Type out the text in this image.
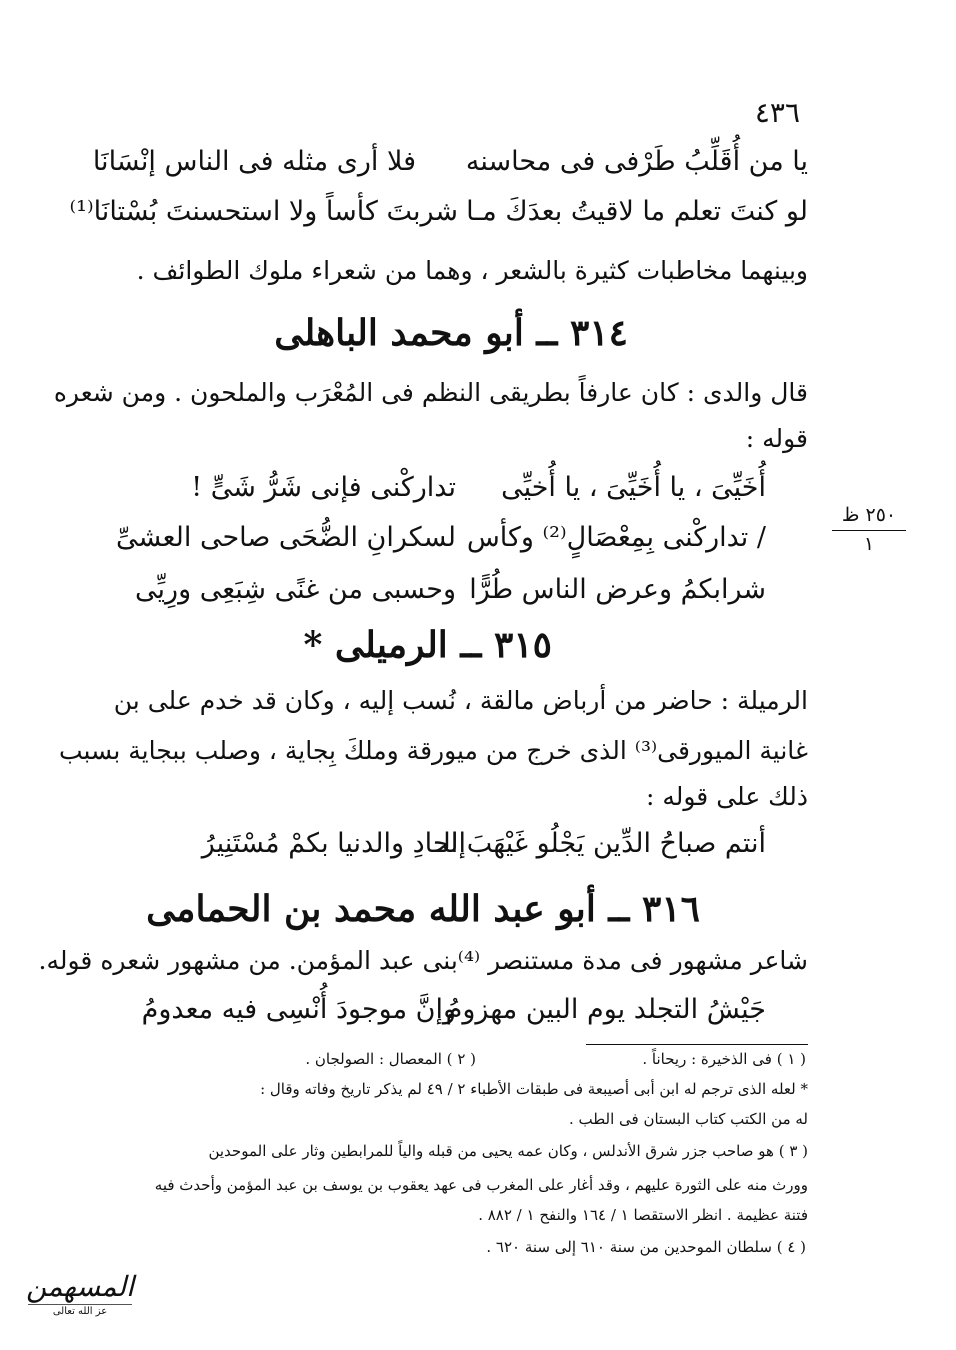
٤٣٦
يا من أُقَلِّبُ طَرْفى فى محاسنه
فلا أرى مثله فى الناس إنْسَانَا
لو كنتَ تعلم ما لاقيتُ بعدَكَ مـا
شربتَ كأساً ولا استحسنتَ بُسْتانَا⁽¹⁾
وبينهما مخاطبات كثيرة بالشعر ، وهما من شعراء ملوك الطوائف .
٣١٤ ــ أبو محمد الباهلى
قال والدى : كان عارفاً بطريقى النظم فى المُعْرَب والملحون . ومن شعره
قوله :
أُخَيِّىَ ، يا أُخَيِّىَ ، يا أُخيِّى
تداركْنى فإنى شَرُّ شَىٍّ !
/ تداركْنى بِمِعْصَالٍ⁽²⁾ وكأس
لسكرانِ الضُّحَى صاحى العشىِّ
شرابكمُ وعرض الناس طُرًّا
وحسبى من غنًى شِبَعِى ورِيِّى
٢٥٠ ظ
١
٣١٥ ــ الرميلى *
الرميلة : حاضر من أرباض مالقة ، نُسب إليه ، وكان قد خدم على بن
غانية الميورقى⁽³⁾ الذى خرج من ميورقة وملكَ بِجاية ، وصلب ببجاية بسبب
ذلك على قوله :
أنتم صباحُ الدِّين يَجْلُو غَيْهَبَ الـ
إلحادِ والدنيا بكمْ مُسْتَنِيرُ
٣١٦ ــ أبو عبد الله محمد بن الحمامى
شاعر مشهور فى مدة مستنصر ⁽⁴⁾بنى عبد المؤمن. من مشهور شعره قوله.
جَيْشُ التجلد يوم البين مهزومُ
وإنَّ موجودَ أُنْسِى فيه معدومُ
( ١ ) فى الذخيرة : ريحاناً .
( ٢ ) المعصال : الصولجان .
* لعله الذى ترجم له ابن أبى أصيبعة فى طبقات الأطباء ٢ / ٤٩ لم يذكر تاريخ وفاته وقال :
له من الكتب كتاب البستان فى الطب .
( ٣ ) هو صاحب جزر شرق الأندلس ، وكان عمه يحيى من قبله والياً للمرابطين وثار على الموحدين
وورث منه على الثورة عليهم ، وقد أغار على المغرب فى عهد يعقوب بن يوسف بن عبد المؤمن وأحدث فيه
فتنة عظيمة . انظر الاستقصا ١ / ١٦٤ والنفح ١ / ٨٨٢ .
( ٤ ) سلطان الموحدين من سنة ٦١٠ إلى سنة ٦٢٠ .
المسهمن
عز الله تعالى
